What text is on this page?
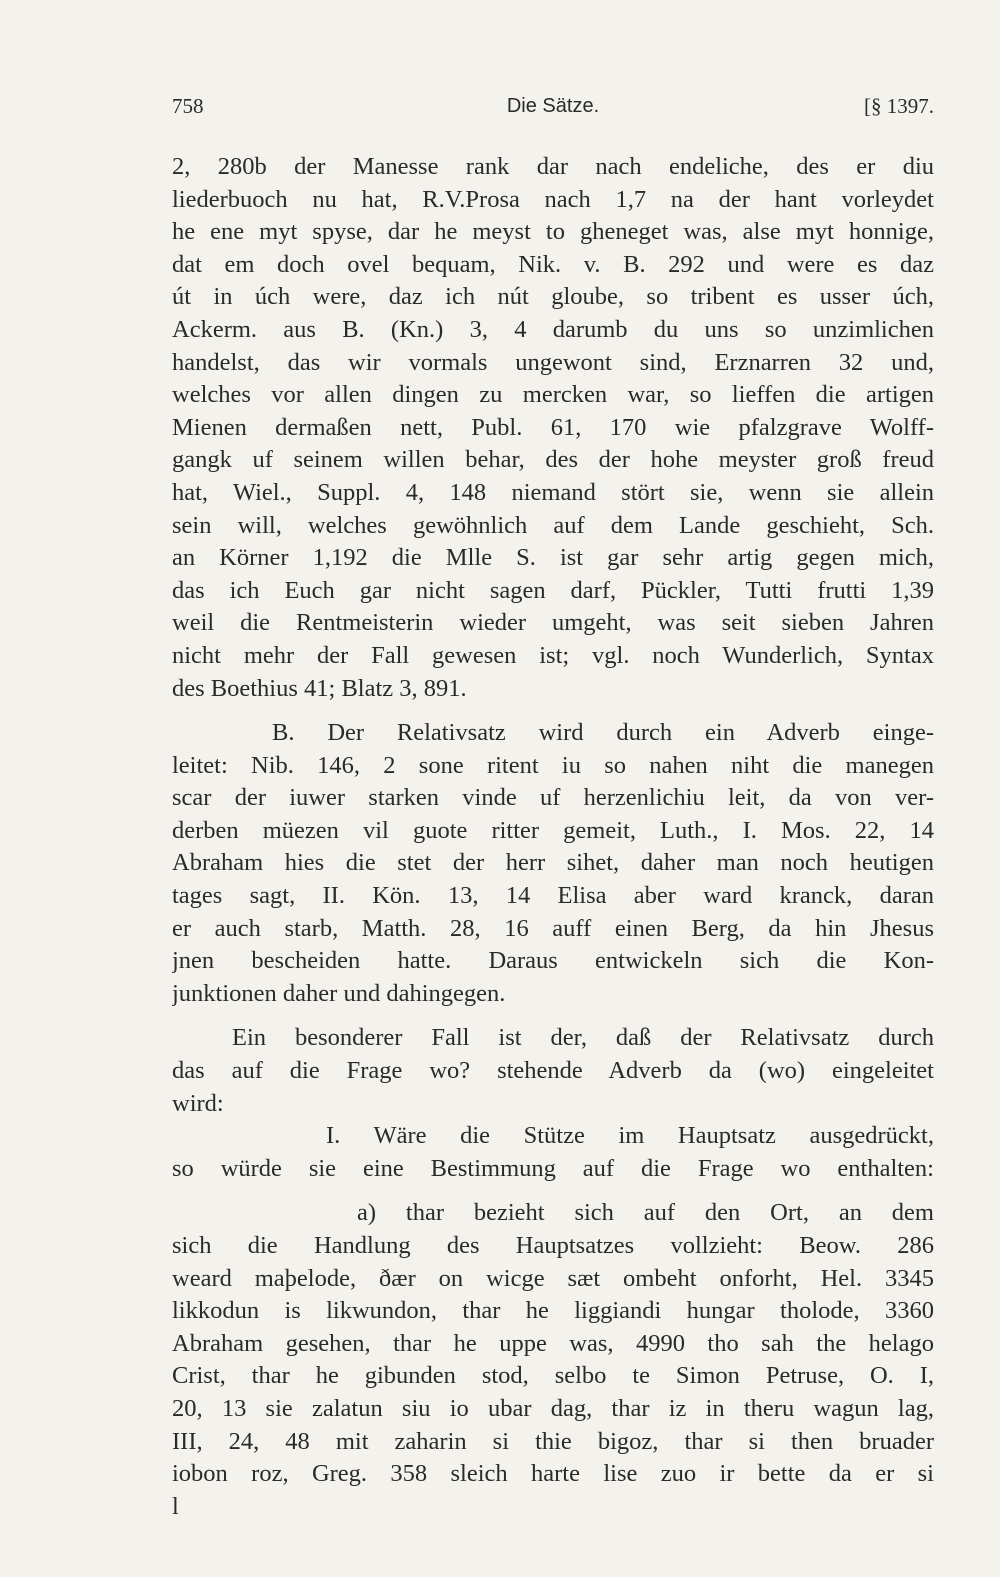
758	Die Sätze.	[§ 1397.
2, 280b der Manesse rank dar nach endeliche, des er diu
liederbuoch nu hat, R.V.Prosa nach 1,7 na der hant vorleydet
he ene myt spyse, dar he meyst to gheneget was, alse myt honnige,
dat em doch ovel bequam, Nik. v. B. 292 und were es daz
út in úch were, daz ich nút gloube, so tribent es usser úch,
Ackerm. aus B. (Kn.) 3, 4 darumb du uns so unzimlichen
handelst, das wir vormals ungewont sind, Erznarren 32 und,
welches vor allen dingen zu mercken war, so lieffen die artigen
Mienen dermaßen nett, Publ. 61, 170 wie pfalzgrave Wolff-
gangk uf seinem willen behar, des der hohe meyster groß freud
hat, Wiel., Suppl. 4, 148 niemand stört sie, wenn sie allein
sein will, welches gewöhnlich auf dem Lande geschieht, Sch.
an Körner 1,192 die Mlle S. ist gar sehr artig gegen mich,
das ich Euch gar nicht sagen darf, Pückler, Tutti frutti 1,39
weil die Rentmeisterin wieder umgeht, was seit sieben Jahren
nicht mehr der Fall gewesen ist; vgl. noch Wunderlich, Syntax
des Boethius 41; Blatz 3, 891.
B. Der Relativsatz wird durch ein Adverb einge-
leitet: Nib. 146, 2 sone ritent iu so nahen niht die manegen
scar der iuwer starken vinde uf herzenlichiu leit, da von ver-
derben müezen vil guote ritter gemeit, Luth., I. Mos. 22, 14
Abraham hies die stet der herr sihet, daher man noch heutigen
tages sagt, II. Kön. 13, 14 Elisa aber ward kranck, daran
er auch starb, Matth. 28, 16 auff einen Berg, da hin Jhesus
jnen bescheiden hatte. Daraus entwickeln sich die Kon-
junktionen daher und dahingegen.
Ein besonderer Fall ist der, daß der Relativsatz durch
das auf die Frage wo? stehende Adverb da (wo) eingeleitet
wird:
I. Wäre die Stütze im Hauptsatz ausgedrückt,
so würde sie eine Bestimmung auf die Frage wo enthalten:
a) thar bezieht sich auf den Ort, an dem
sich die Handlung des Hauptsatzes vollzieht: Beow. 286
weard maþelode, ðær on wicge sæt ombeht onforht, Hel. 3345
likkodun is likwundon, thar he liggiandi hungar tholode, 3360
Abraham gesehen, thar he uppe was, 4990 tho sah the helago
Crist, thar he gibunden stod, selbo te Simon Petruse, O. I,
20, 13 sie zalatun siu io ubar dag, thar iz in theru wagun lag,
III, 24, 48 mit zaharin si thie bigoz, thar si then bruader
iobon roz, Greg. 358 sleich harte lise zuo ir bette da er si
l
